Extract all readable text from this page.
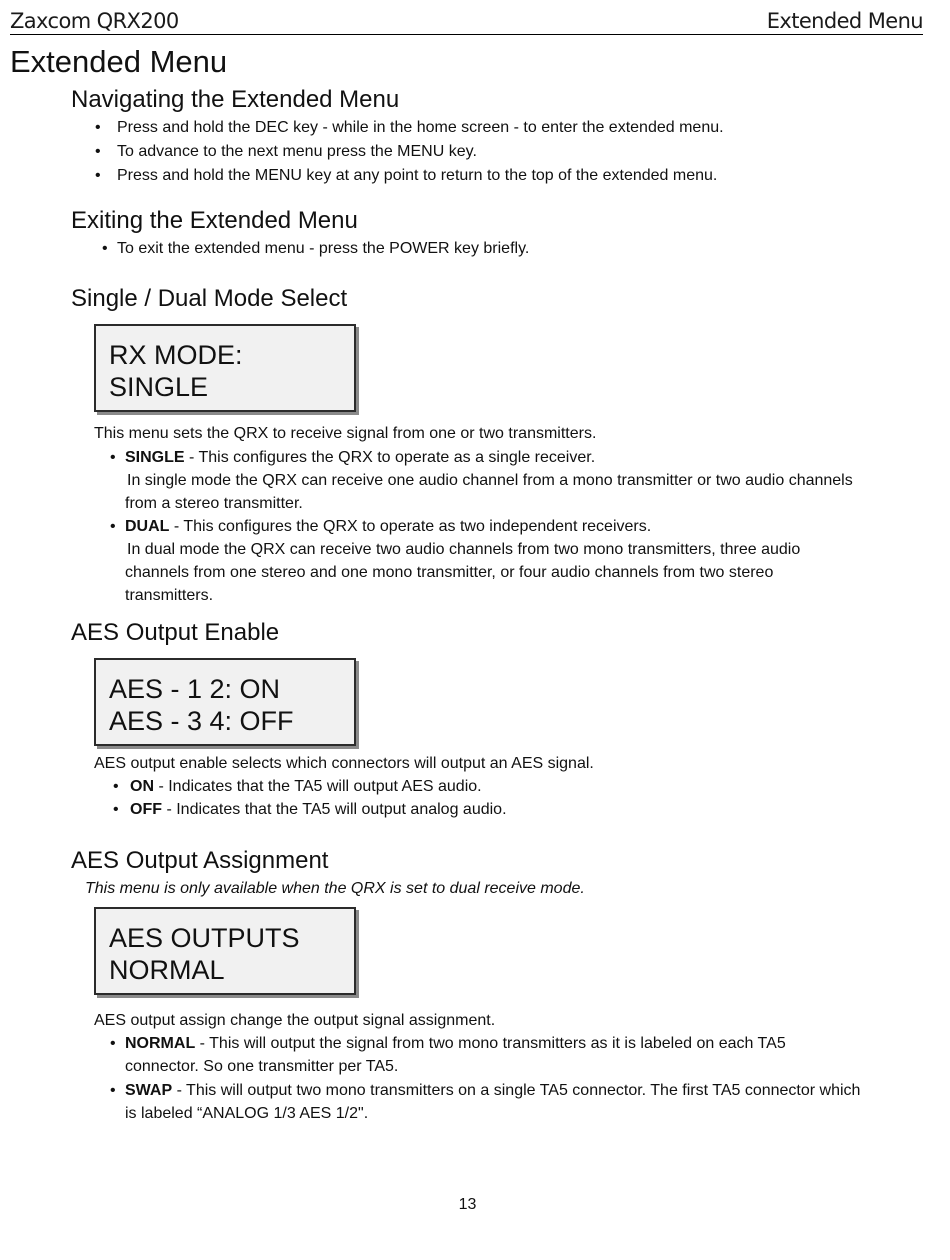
Zaxcom QRX200	Extended Menu
Extended Menu
Navigating the Extended Menu
• Press and hold the DEC key - while in the home screen - to enter the extended menu.
• To advance to the next menu press the MENU key.
• Press and hold the MENU key at any point to return to the top of the extended menu.
Exiting the Extended Menu
• To exit the extended menu - press the POWER key briefly.
Single / Dual Mode Select
RX MODE:
SINGLE
This menu sets the QRX to receive signal from one or two transmitters.
• SINGLE - This configures the QRX to operate as a single receiver.
In single mode the QRX can receive one audio channel from a mono transmitter or two audio channels
from a stereo transmitter.
• DUAL - This configures the QRX to operate as two independent receivers.
In dual mode the QRX can receive two audio channels from two mono transmitters, three audio
channels from one stereo and one mono transmitter, or four audio channels from two stereo
transmitters.
AES Output Enable
AES - 1 2: ON
AES - 3 4: OFF
AES output enable selects which connectors will output an AES signal.
• ON - Indicates that the TA5 will output AES audio.
• OFF - Indicates that the TA5 will output analog audio.
AES Output Assignment
This menu is only available when the QRX is set to dual receive mode.
AES OUTPUTS
NORMAL
AES output assign change the output signal assignment.
• NORMAL - This will output the signal from two mono transmitters as it is labeled on each TA5
connector. So one transmitter per TA5.
• SWAP - This will output two mono transmitters on a single TA5 connector. The first TA5 connector which
is labeled “ANALOG 1/3 AES 1/2".
13
